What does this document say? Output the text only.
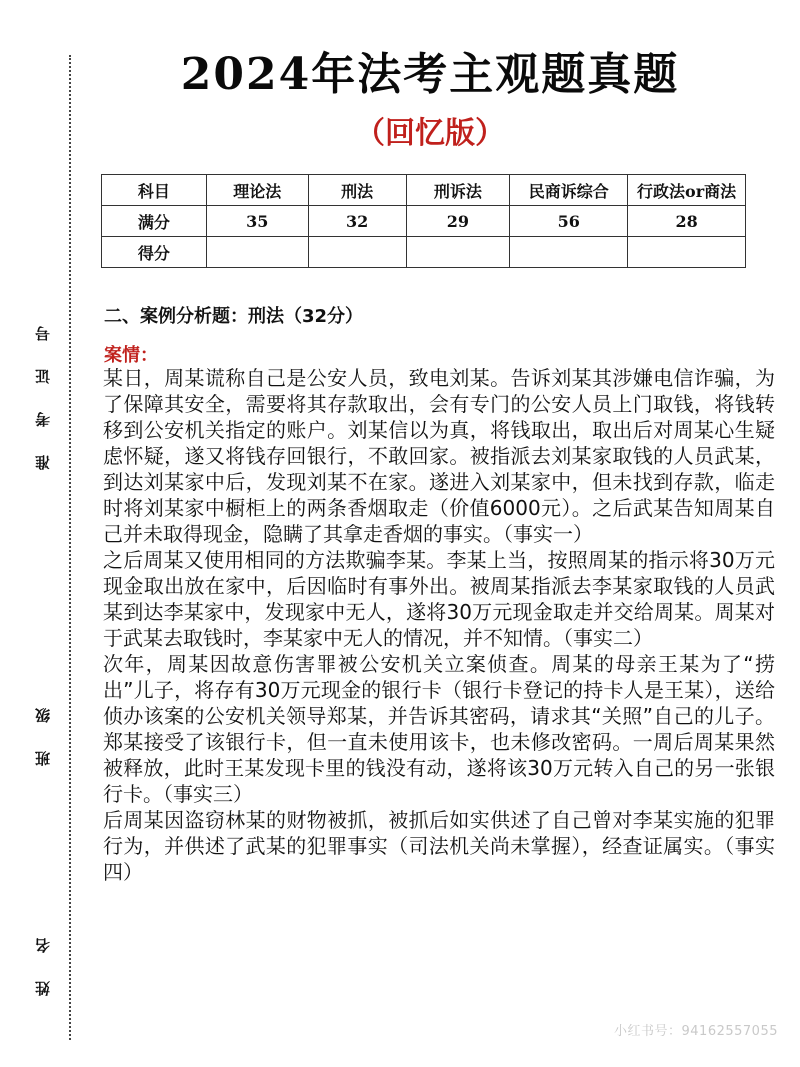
准考证号
班级
姓名
2024年法考主观题真题
（回忆版）
科目	理论法	刑法	刑诉法	民商诉综合	行政法or商法
满分	35	32	29	56	28
得分					
二、案例分析题：刑法（32分）
案情：

某日，周某谎称自己是公安人员，致电刘某。告诉刘某其涉嫌电信诈骗，为了保障其安全，需要将其存款取出，会有专门的公安人员上门取钱，将钱转移到公安机关指定的账户。刘某信以为真，将钱取出，取出后对周某心生疑虑怀疑，遂又将钱存回银行，不敢回家。被指派去刘某家取钱的人员武某，到达刘某家中后，发现刘某不在家。遂进入刘某家中，但未找到存款，临走时将刘某家中橱柜上的两条香烟取走（价值6000元）。之后武某告知周某自己并未取得现金，隐瞒了其拿走香烟的事实。（事实一）

之后周某又使用相同的方法欺骗李某。李某上当，按照周某的指示将30万元现金取出放在家中，后因临时有事外出。被周某指派去李某家取钱的人员武某到达李某家中，发现家中无人，遂将30万元现金取走并交给周某。周某对于武某去取钱时，李某家中无人的情况，并不知情。（事实二）

次年，周某因故意伤害罪被公安机关立案侦查。周某的母亲王某为了“捞出”儿子，将存有30万元现金的银行卡（银行卡登记的持卡人是王某），送给侦办该案的公安机关领导郑某，并告诉其密码，请求其“关照”自己的儿子。郑某接受了该银行卡，但一直未使用该卡，也未修改密码。一周后周某果然被释放，此时王某发现卡里的钱没有动，遂将该30万元转入自己的另一张银行卡。（事实三）

后周某因盗窃林某的财物被抓，被抓后如实供述了自己曾对李某实施的犯罪行为，并供述了武某的犯罪事实（司法机关尚未掌握），经查证属实。（事实四）

小红书号：94162557055
